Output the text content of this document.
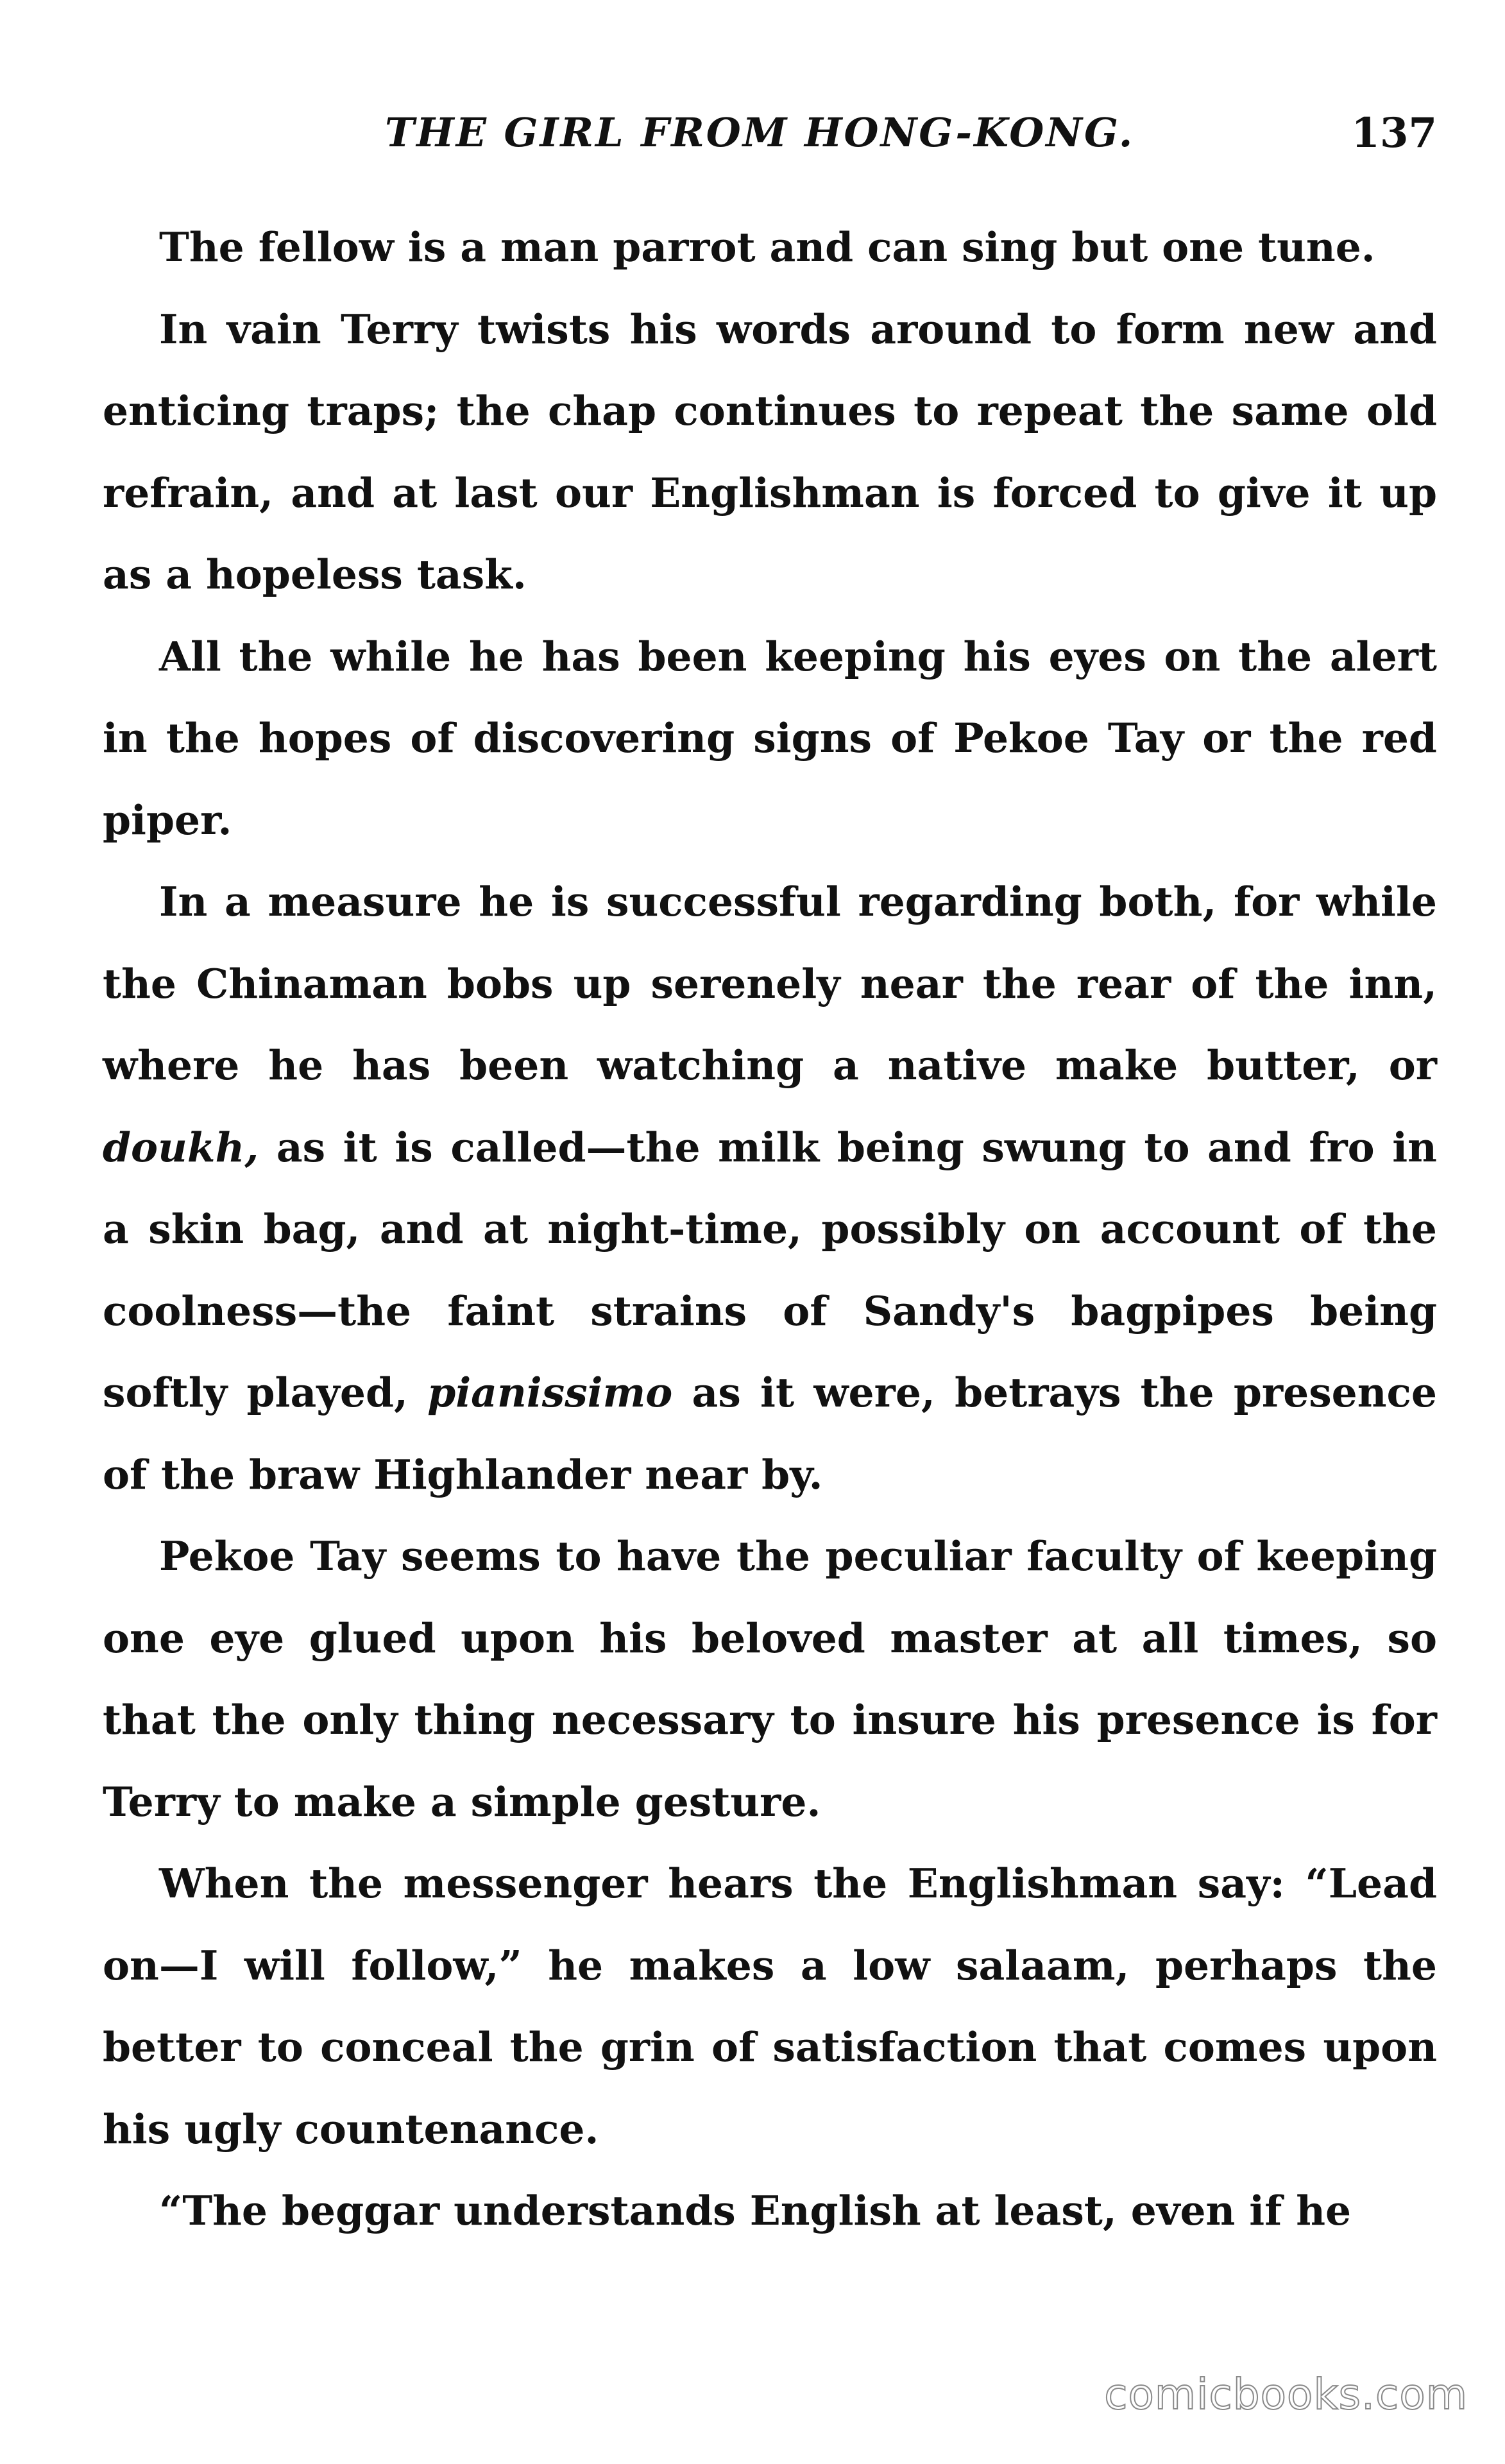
THE GIRL FROM HONG-KONG.	137

The fellow is a man parrot and can sing but one tune.

In vain Terry twists his words around to form new and enticing traps; the chap continues to repeat the same old refrain, and at last our Englishman is forced to give it up as a hopeless task.

All the while he has been keeping his eyes on the alert in the hopes of discovering signs of Pekoe Tay or the red piper.

In a measure he is successful regarding both, for while the Chinaman bobs up serenely near the rear of the inn, where he has been watching a native make butter, or doukh, as it is called—the milk being swung to and fro in a skin bag, and at night-time, possibly on account of the coolness—the faint strains of Sandy's bagpipes being softly played, pianissimo as it were, betrays the presence of the braw Highlander near by.

Pekoe Tay seems to have the peculiar faculty of keeping one eye glued upon his beloved master at all times, so that the only thing necessary to insure his presence is for Terry to make a simple gesture.

When the messenger hears the Englishman say: “Lead on—I will follow,” he makes a low salaam, perhaps the better to conceal the grin of satisfaction that comes upon his ugly countenance.

“The beggar understands English at least, even if he

comicbooks.com
